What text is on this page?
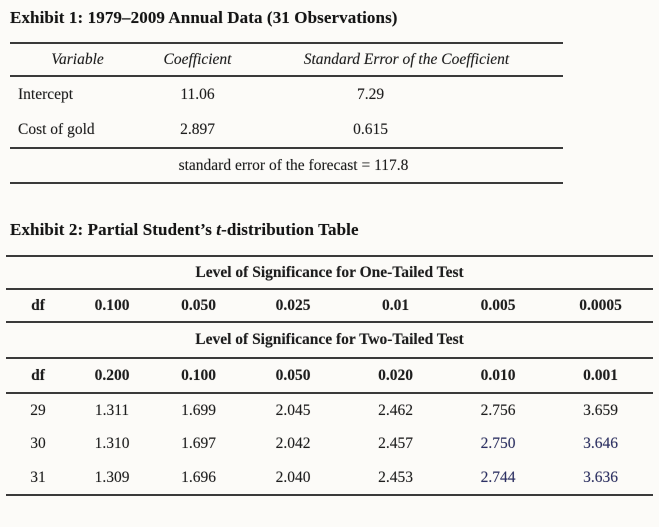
Exhibit 1: 1979–2009 Annual Data (31 Observations)
Variable	Coefficient	Standard Error of the Coefficient
Intercept	11.06	7.29
Cost of gold	2.897	0.615
standard error of the forecast = 117.8		
Exhibit 2: Partial Student’s t-distribution Table
Level of Significance for One-Tailed Test						
df	0.100	0.050	0.025	0.01	0.005	0.0005
Level of Significance for Two-Tailed Test						
df	0.200	0.100	0.050	0.020	0.010	0.001
29	1.311	1.699	2.045	2.462	2.756	3.659
30	1.310	1.697	2.042	2.457	2.750	3.646
31	1.309	1.696	2.040	2.453	2.744	3.636
